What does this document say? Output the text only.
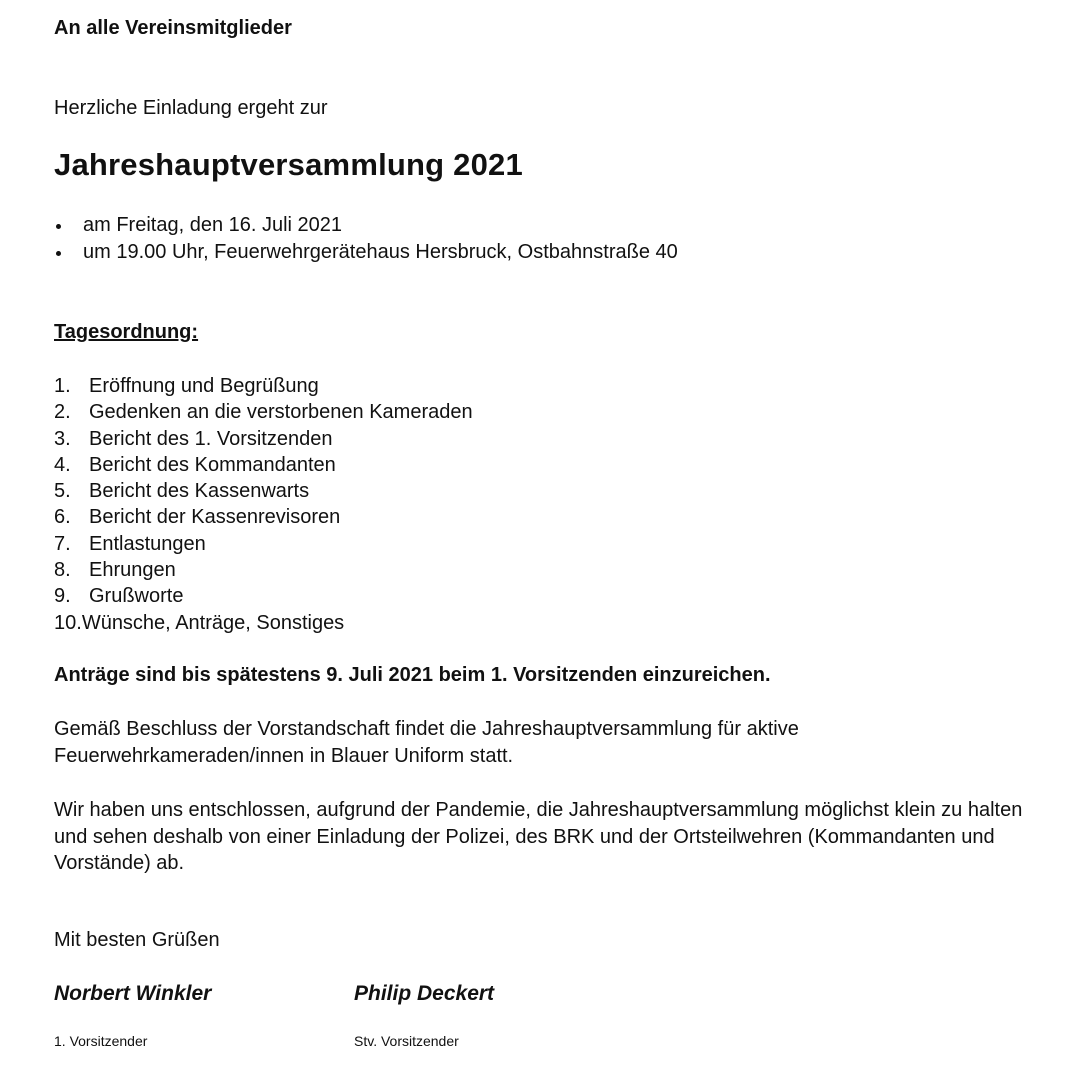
An alle Vereinsmitglieder
Herzliche Einladung ergeht zur
Jahreshauptversammlung 2021
am Freitag, den 16. Juli 2021
um 19.00 Uhr, Feuerwehrgerätehaus Hersbruck, Ostbahnstraße 40
Tagesordnung:
1. Eröffnung und Begrüßung
2. Gedenken an die verstorbenen Kameraden
3. Bericht des 1. Vorsitzenden
4. Bericht des Kommandanten
5. Bericht des Kassenwarts
6. Bericht der Kassenrevisoren
7. Entlastungen
8. Ehrungen
9. Grußworte
10.Wünsche, Anträge, Sonstiges
Anträge sind bis spätestens 9. Juli 2021 beim 1. Vorsitzenden einzureichen.
Gemäß Beschluss der Vorstandschaft findet die Jahreshauptversammlung für aktive Feuerwehrkameraden/innen in Blauer Uniform statt.
Wir haben uns entschlossen, aufgrund der Pandemie, die Jahreshauptversammlung möglichst klein zu halten und sehen deshalb von einer Einladung der Polizei, des BRK und der Ortsteilwehren (Kommandanten und Vorstände) ab.
Mit besten Grüßen
Norbert Winkler	Philip Deckert
1. Vorsitzender	Stv. Vorsitzender
